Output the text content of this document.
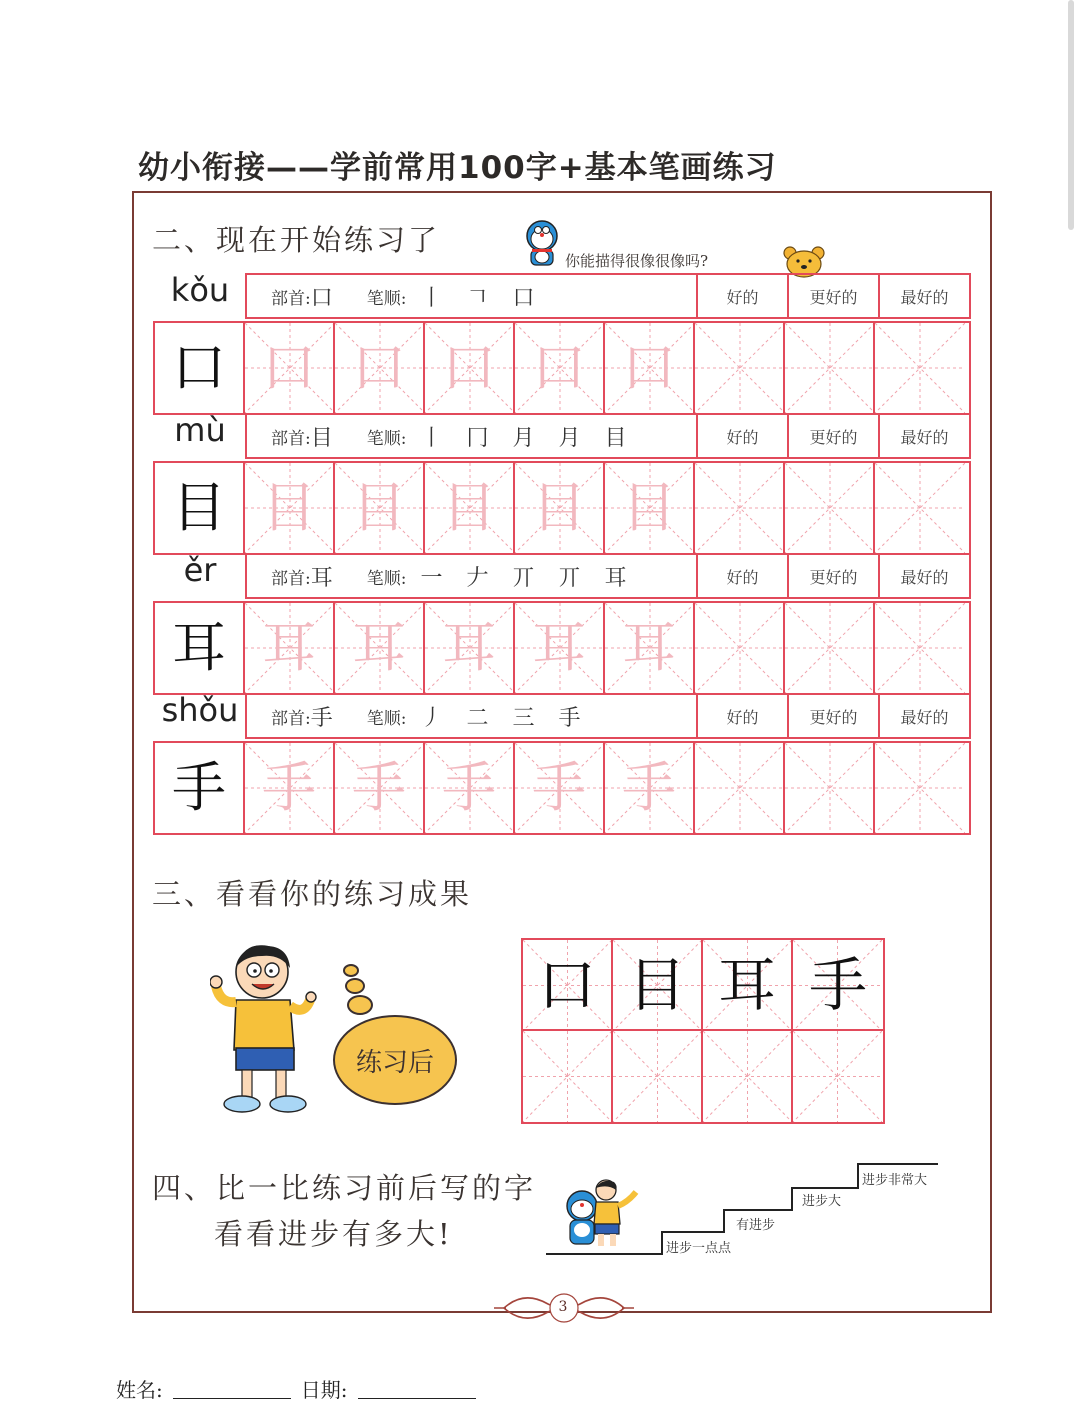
幼小衔接——学前常用100字+基本笔画练习
二、现在开始练习了
你能描得很像很像吗?
kǒu	部首: 口 笔顺: 丨 𠃍 口	好的	更好的	最好的
口 口 口 口 口 口
mù	部首: 目 笔顺: 丨 冂 月 月 目	好的	更好的	最好的
目 目 目 目 目 目
ěr	部首: 耳 笔顺: 一 𠂇 丌 丌 耳	好的	更好的	最好的
耳 耳 耳 耳 耳 耳
shǒu	部首: 手 笔顺: 丿 二 三 手	好的	更好的	最好的
手 手 手 手 手 手
三、看看你的练习成果
练习后
口 目 耳 手
四、比一比练习前后写的字
看看进步有多大!	进步一点点
有进步
进步大
进步非常大
3
姓名:	日期:
